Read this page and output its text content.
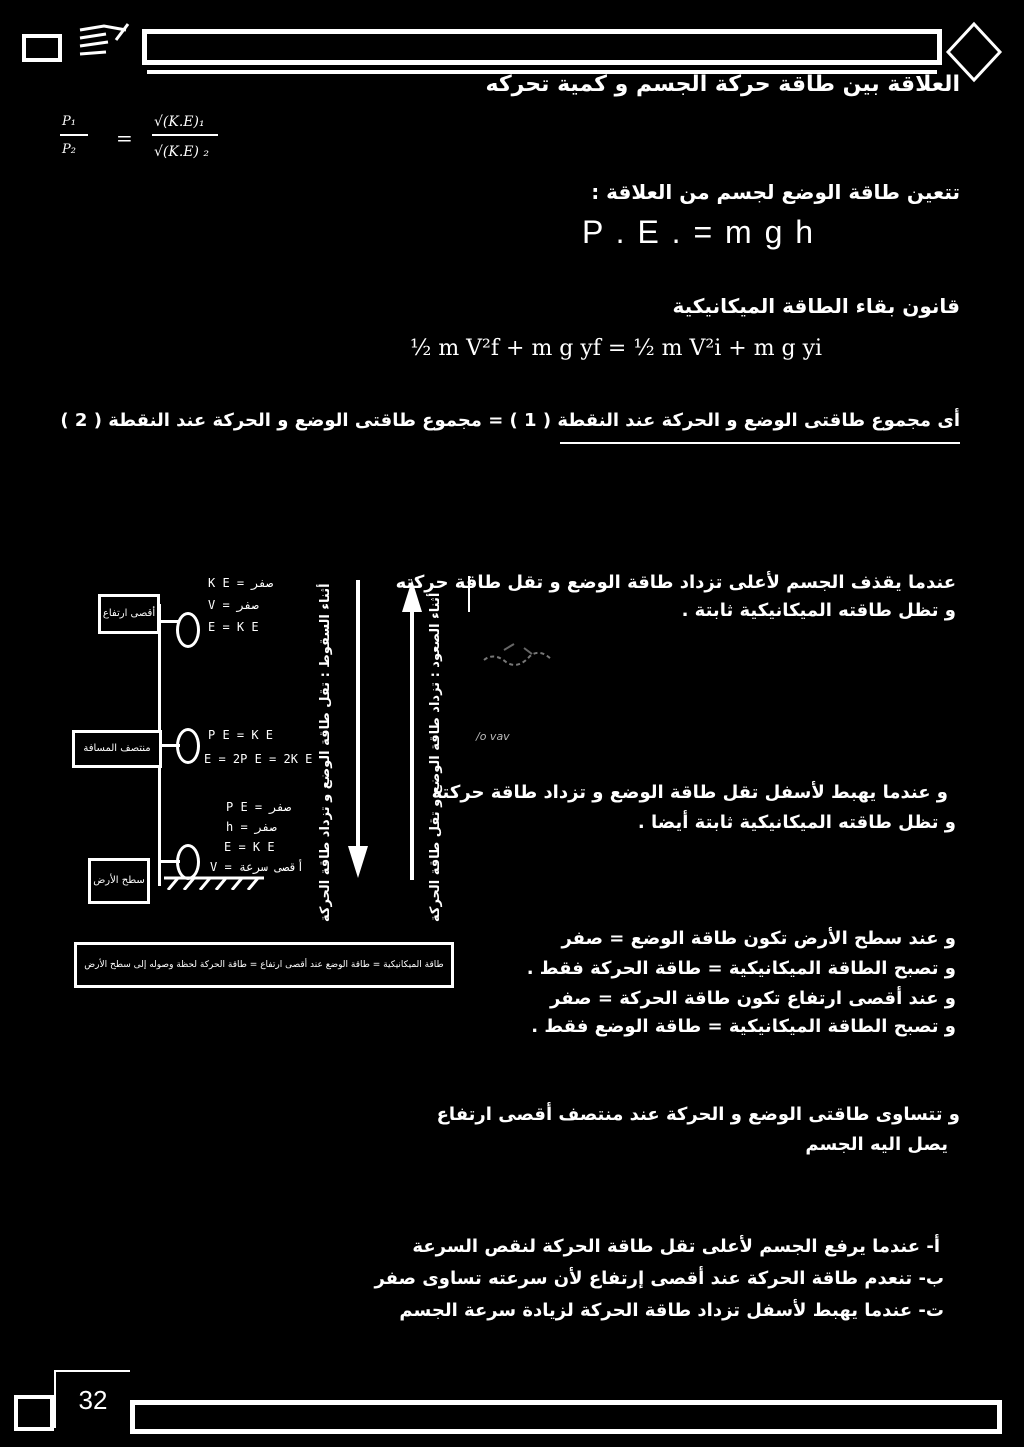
العلاقة بين طاقة حركة الجسم و كمية تحركه
P₁
P₂ =
√(K.E)₁
√(K.E) ₂
تتعين طاقة الوضع لجسم من العلاقة :
P . E . = m g h
قانون بقاء الطاقة الميكانيكية
½ m V²f + m g yf = ½ m V²i + m g yi
أى مجموع طاقتى الوضع و الحركة عند النقطة ( 1 ) = مجموع طاقتى الوضع و الحركة عند النقطة ( 2 )
أقصى ارتفاع
منتصف المسافة
سطح الأرض
K E = صفر
V = صفر
E = K E
P E = K E
E = 2P E = 2K E
P E = صفر
h = صفر
E = K E
V = أقصى سرعة أثناء السقوط : تقل طاقة الوضع و تزداد طاقة الحركة	أثناء الصعود : تزداد طاقة الوضع و تقل طاقة الحركة
طاقة الميكانيكية = طاقة الوضع عند أقصى ارتفاع = طاقة الحركة لحظة وصوله إلى سطح الأرض
عندما يقذف الجسم لأعلى تزداد طاقة الوضع و تقل طاقة حركته
و تظل طاقته الميكانيكية ثابتة .
/o vav
و عندما يهبط لأسفل تقل طاقة الوضع و تزداد طاقة حركته
و تظل طاقته الميكانيكية ثابتة أيضا .
و عند سطح الأرض تكون طاقة الوضع = صفر
و تصبح الطاقة الميكانيكية = طاقة الحركة فقط .
و عند أقصى ارتفاع تكون طاقة الحركة = صفر
و تصبح الطاقة الميكانيكية = طاقة الوضع فقط .
و تتساوى طاقتى الوضع و الحركة عند منتصف أقصى ارتفاع
يصل اليه الجسم
أ- عندما يرفع الجسم لأعلى تقل طاقة الحركة لنقص السرعة
ب- تنعدم طاقة الحركة عند أقصى إرتفاع لأن سرعته تساوى صفر
ت- عندما يهبط لأسفل تزداد طاقة الحركة لزيادة سرعة الجسم
32
